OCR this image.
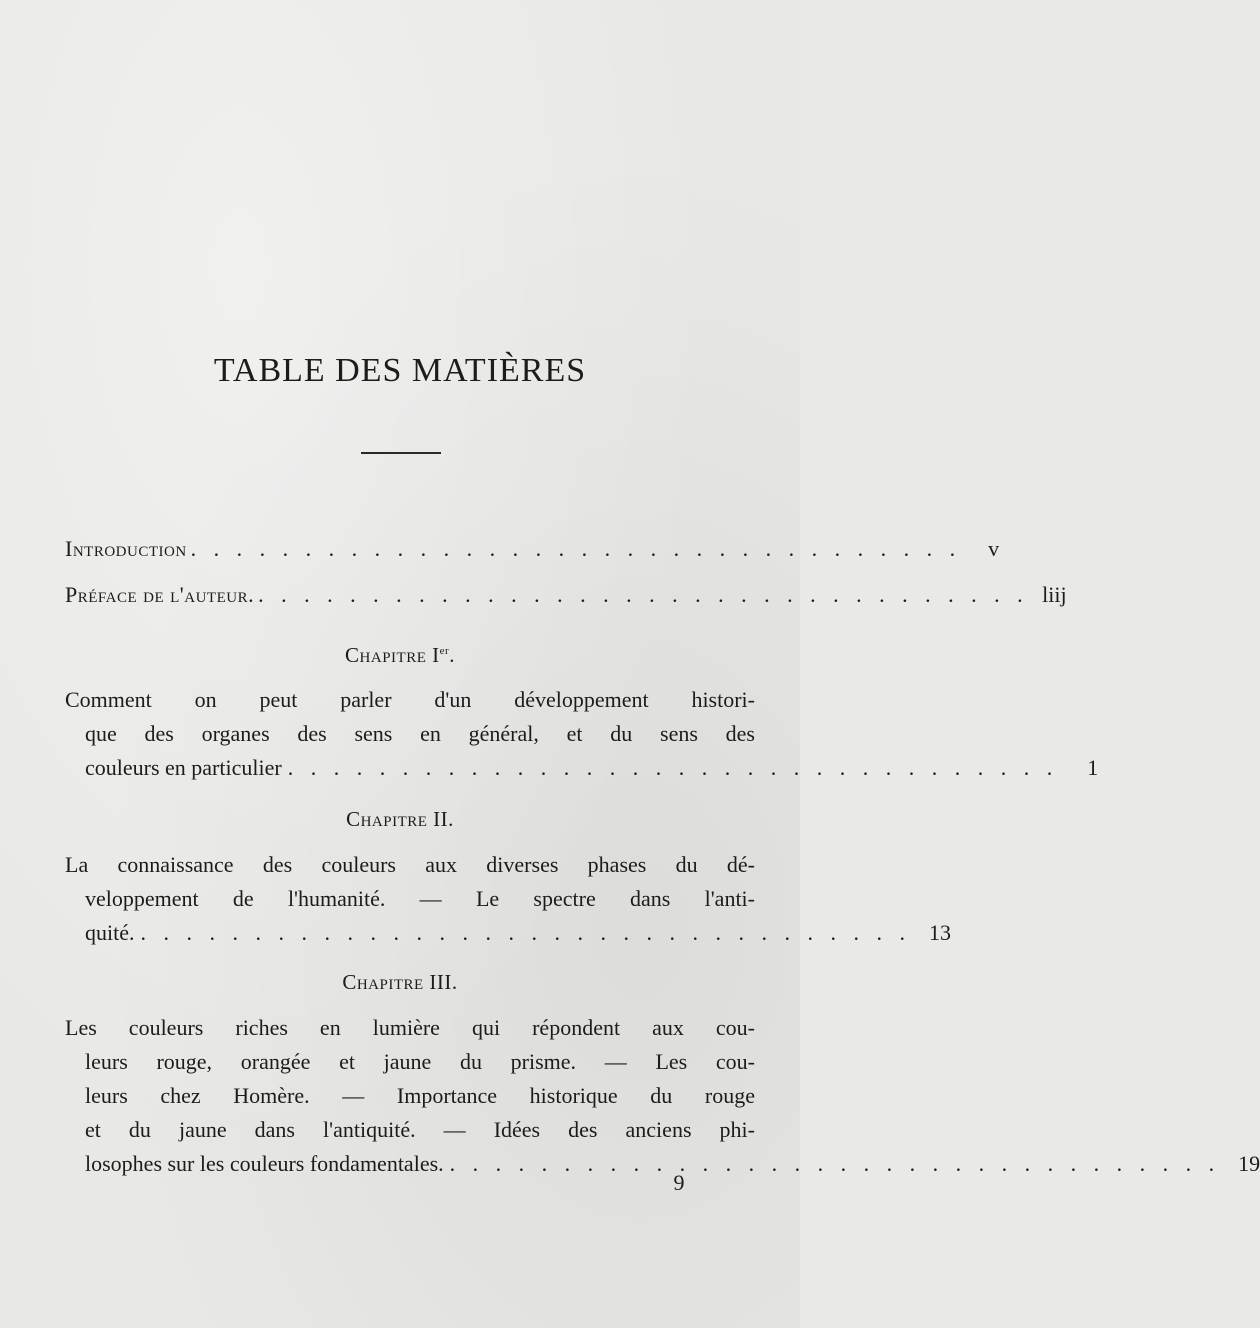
TABLE DES MATIÈRES
Introduction . . . . . . . . . . . . . . . . . . . . . . . . . . . . . . . . . .	v
Préface de l'auteur. . . . . . . . . . . . . . . . . . . . . . . . . . . . . . . . . . . liij
Chapitre Ier.
Comment on peut parler d'un développement histori-
que des organes des sens en général, et du sens des
couleurs en particulier . . . . . . . . . . . . . . . . . . . . . . . . . . . . . . . . . .	1
Chapitre II.
La connaissance des couleurs aux diverses phases du dé-
veloppement de l'humanité. — Le spectre dans l'anti-
quité. . . . . . . . . . . . . . . . . . . . . . . . . . . . . . . . . . . 13
Chapitre III.
Les couleurs riches en lumière qui répondent aux cou-
leurs rouge, orangée et jaune du prisme. — Les cou-
leurs chez Homère. — Importance historique du rouge
et du jaune dans l'antiquité. — Idées des anciens phi-
losophes sur les couleurs fondamentales. . . . . . . . . . . . . . . . . . . . . . . . . . . . . . . . . . . 19
9
